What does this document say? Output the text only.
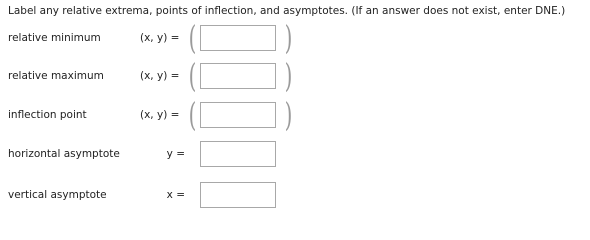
Label any relative extrema, points of inflection, and asymptotes. (If an answer does not exist, enter DNE.)
relative minimum	(x, y) = (	)
relative maximum	(x, y) = (	)
inflection point	(x, y) = (	)
horizontal asymptote	y =
vertical asymptote	x =
